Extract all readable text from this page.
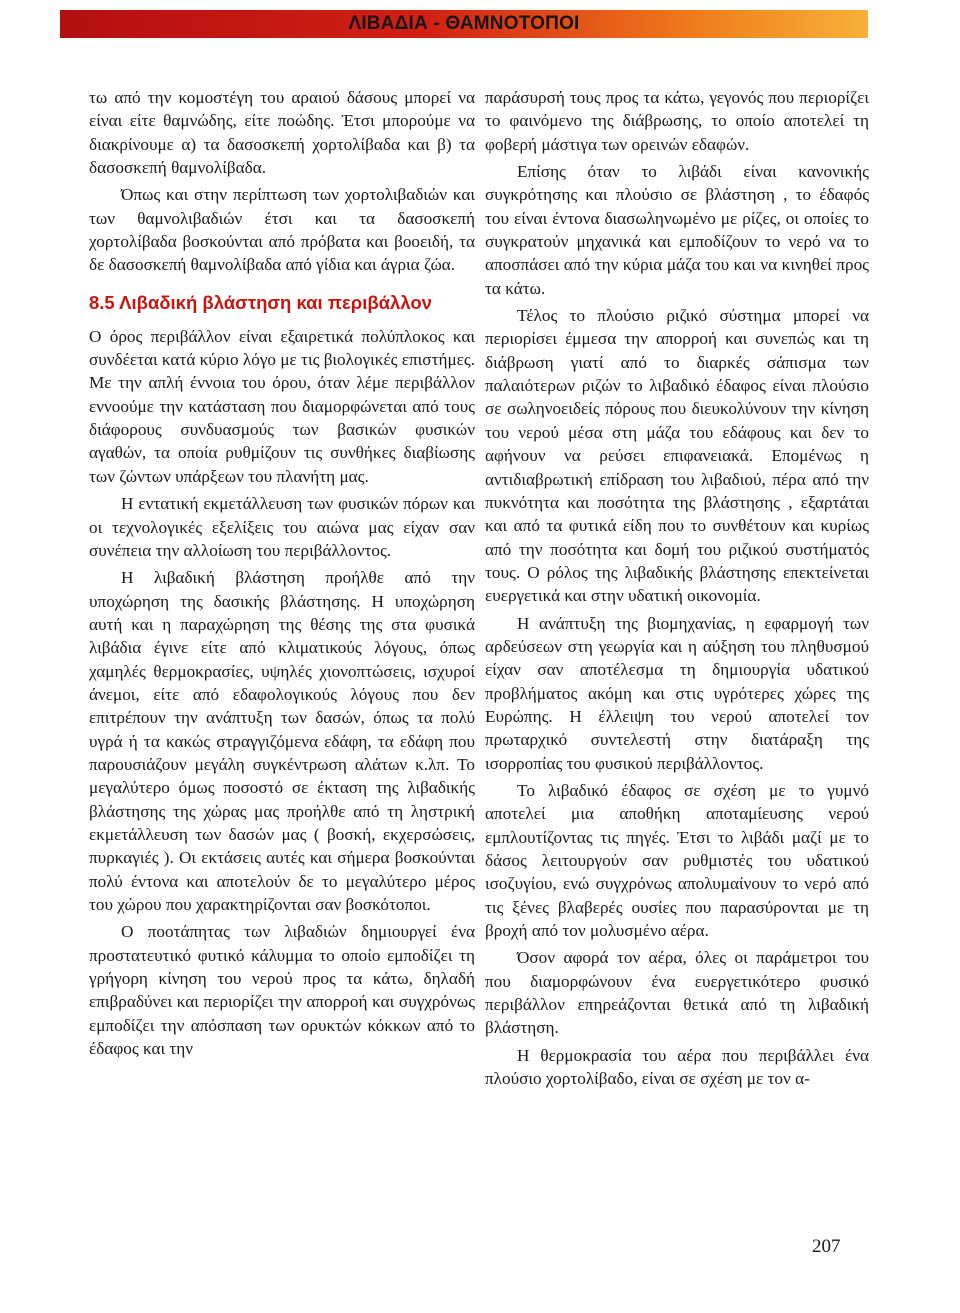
ΛΙΒΑΔΙΑ - ΘΑΜΝΟΤΟΠΟΙ

τω από την κομοστέγη του αραιού δάσους μπορεί να είναι είτε θαμνώδης, είτε ποώδης. Έτσι μπορούμε να διακρίνουμε α) τα δασοσκεπή χορτολίβαδα και β) τα δασοσκεπή θαμνολίβαδα.

Όπως και στην περίπτωση των χορτολιβαδιών και των θαμνολιβαδιών έτσι και τα δασοσκεπή χορτολίβαδα βοσκούνται από πρόβατα και βοοειδή, τα δε δασοσκεπή θαμνολίβαδα από γίδια και άγρια ζώα.

8.5 Λιβαδική βλάστηση και περιβάλλον

Ο όρος περιβάλλον είναι εξαιρετικά πολύπλοκος και συνδέεται κατά κύριο λόγο με τις βιολογικές επιστήμες. Με την απλή έννοια του όρου, όταν λέμε περιβάλλον εννοούμε την κατάσταση που διαμορφώνεται από τους διάφορους συνδυασμούς των βασικών φυσικών αγαθών, τα οποία ρυθμίζουν τις συνθήκες διαβίωσης των ζώντων υπάρξεων του πλανήτη μας.

Η εντατική εκμετάλλευση των φυσικών πόρων και οι τεχνολογικές εξελίξεις του αιώνα μας είχαν σαν συνέπεια την αλλοίωση του περιβάλλοντος.

Η λιβαδική βλάστηση προήλθε από την υποχώρηση της δασικής βλάστησης. Η υποχώρηση αυτή και η παραχώρηση της θέσης της στα φυσικά λιβάδια έγινε είτε από κλιματικούς λόγους, όπως χαμηλές θερμοκρασίες, υψηλές χιονοπτώσεις, ισχυροί άνεμοι, είτε από εδαφολογικούς λόγους που δεν επιτρέπουν την ανάπτυξη των δασών, όπως τα πολύ υγρά ή τα κακώς στραγγιζόμενα εδάφη, τα εδάφη που παρουσιάζουν μεγάλη συγκέντρωση αλάτων κ.λπ. Το μεγαλύτερο όμως ποσοστό σε έκταση της λιβαδικής βλάστησης της χώρας μας προήλθε από τη ληστρική εκμετάλλευση των δασών μας ( βοσκή, εκχερσώσεις, πυρκαγιές ). Οι εκτάσεις αυτές και σήμερα βοσκούνται πολύ έντονα και αποτελούν δε το μεγαλύτερο μέρος του χώρου που χαρακτηρίζονται σαν βοσκότοποι.

Ο ποοτάπητας των λιβαδιών δημιουργεί ένα προστατευτικό φυτικό κάλυμμα το οποίο εμποδίζει τη γρήγορη κίνηση του νερού προς τα κάτω, δηλαδή επιβραδύνει και περιορίζει την απορροή και συγχρόνως εμποδίζει την απόσπαση των ορυκτών κόκκων από το έδαφος και την

παράσυρσή τους προς τα κάτω, γεγονός που περιορίζει το φαινόμενο της διάβρωσης, το οποίο αποτελεί τη φοβερή μάστιγα των ορεινών εδαφών.

Επίσης όταν το λιβάδι είναι κανονικής συγκρότησης και πλούσιο σε βλάστηση , το έδαφός του είναι έντονα διασωληνωμένο με ρίζες, οι οποίες το συγκρατούν μηχανικά και εμποδίζουν το νερό να το αποσπάσει από την κύρια μάζα του και να κινηθεί προς τα κάτω.

Τέλος το πλούσιο ριζικό σύστημα μπορεί να περιορίσει έμμεσα την απορροή και συνεπώς και τη διάβρωση γιατί από το διαρκές σάπισμα των παλαιότερων ριζών το λιβαδικό έδαφος είναι πλούσιο σε σωληνοειδείς πόρους που διευκολύνουν την κίνηση του νερού μέσα στη μάζα του εδάφους και δεν το αφήνουν να ρεύσει επιφανειακά. Επομένως η αντιδιαβρωτική επίδραση του λιβαδιού, πέρα από την πυκνότητα και ποσότητα της βλάστησης , εξαρτάται και από τα φυτικά είδη που το συνθέτουν και κυρίως από την ποσότητα και δομή του ριζικού συστήματός τους. Ο ρόλος της λιβαδικής βλάστησης επεκτείνεται ευεργετικά και στην υδατική οικονομία.

Η ανάπτυξη της βιομηχανίας, η εφαρμογή των αρδεύσεων στη γεωργία και η αύξηση του πληθυσμού είχαν σαν αποτέλεσμα τη δημιουργία υδατικού προβλήματος ακόμη και στις υγρότερες χώρες της Ευρώπης. Η έλλειψη του νερού αποτελεί τον πρωταρχικό συντελεστή στην διατάραξη της ισορροπίας του φυσικού περιβάλλοντος.

Το λιβαδικό έδαφος σε σχέση με το γυμνό αποτελεί μια αποθήκη αποταμίευσης νερού εμπλουτίζοντας τις πηγές. Έτσι το λιβάδι μαζί με το δάσος λειτουργούν σαν ρυθμιστές του υδατικού ισοζυγίου, ενώ συγχρόνως απολυμαίνουν το νερό από τις ξένες βλαβερές ουσίες που παρασύρονται με τη βροχή από τον μολυσμένο αέρα.

Όσον αφορά τον αέρα, όλες οι παράμετροι του που διαμορφώνουν ένα ευεργετικότερο φυσικό περιβάλλον επηρεάζονται θετικά από τη λιβαδική βλάστηση.

Η θερμοκρασία του αέρα που περιβάλλει ένα πλούσιο χορτολίβαδο, είναι σε σχέση με τον α-

207
